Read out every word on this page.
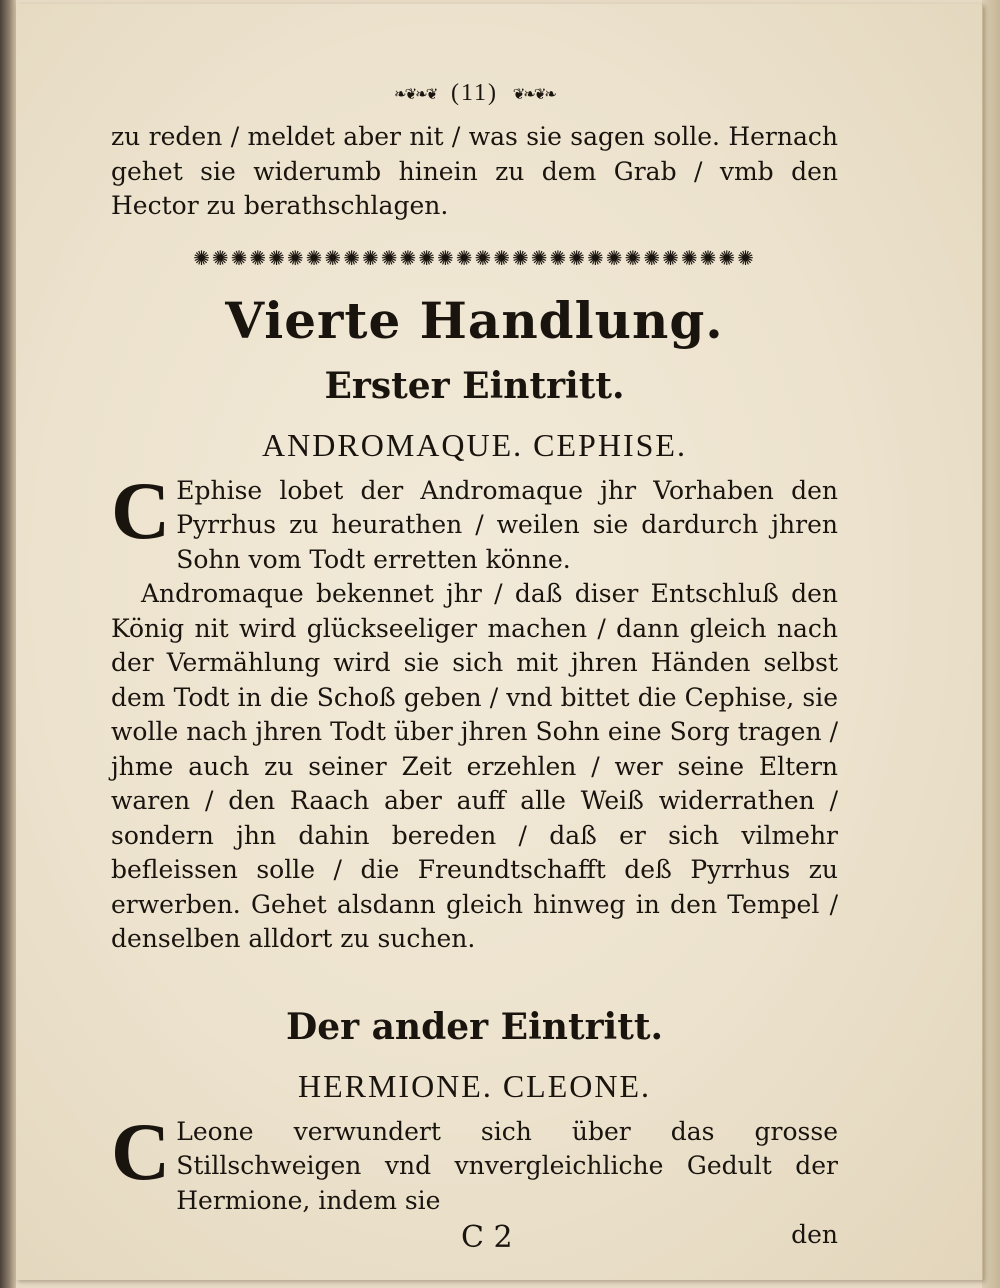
❧❦❧❦ (11) ❦❧❦❧

zu reden / meldet aber nit / was sie sagen solle. Hernach gehet sie widerumb hinein zu dem Grab / vmb den Hector zu berathschlagen.

✺✺✺✺✺✺✺✺✺✺✺✺✺✺✺✺✺✺✺✺✺✺✺✺✺✺✺✺✺✺
Vierte Handlung.
Erster Eintritt.
ANDROMAQUE. CEPHISE.
C Ephise lobet der Andromaque jhr Vorhaben den Pyrrhus zu heurathen / weilen sie dardurch jhren Sohn vom Todt erretten könne.

Andromaque bekennet jhr / daß diser Entschluß den König nit wird glückseeliger machen / dann gleich nach der Vermählung wird sie sich mit jhren Händen selbst dem Todt in die Schoß geben / vnd bittet die Cephise, sie wolle nach jhren Todt über jhren Sohn eine Sorg tragen / jhme auch zu seiner Zeit erzehlen / wer seine Eltern waren / den Raach aber auff alle Weiß widerrathen / sondern jhn dahin bereden / daß er sich vilmehr befleissen solle / die Freundtschafft deß Pyrrhus zu erwerben. Gehet alsdann gleich hinweg in den Tempel / denselben alldort zu suchen.

Der ander Eintritt.
HERMIONE. CLEONE.
C Leone verwundert sich über das grosse Stillschweigen vnd vnvergleichliche Gedult der Hermione, indem sie

C 2	den
